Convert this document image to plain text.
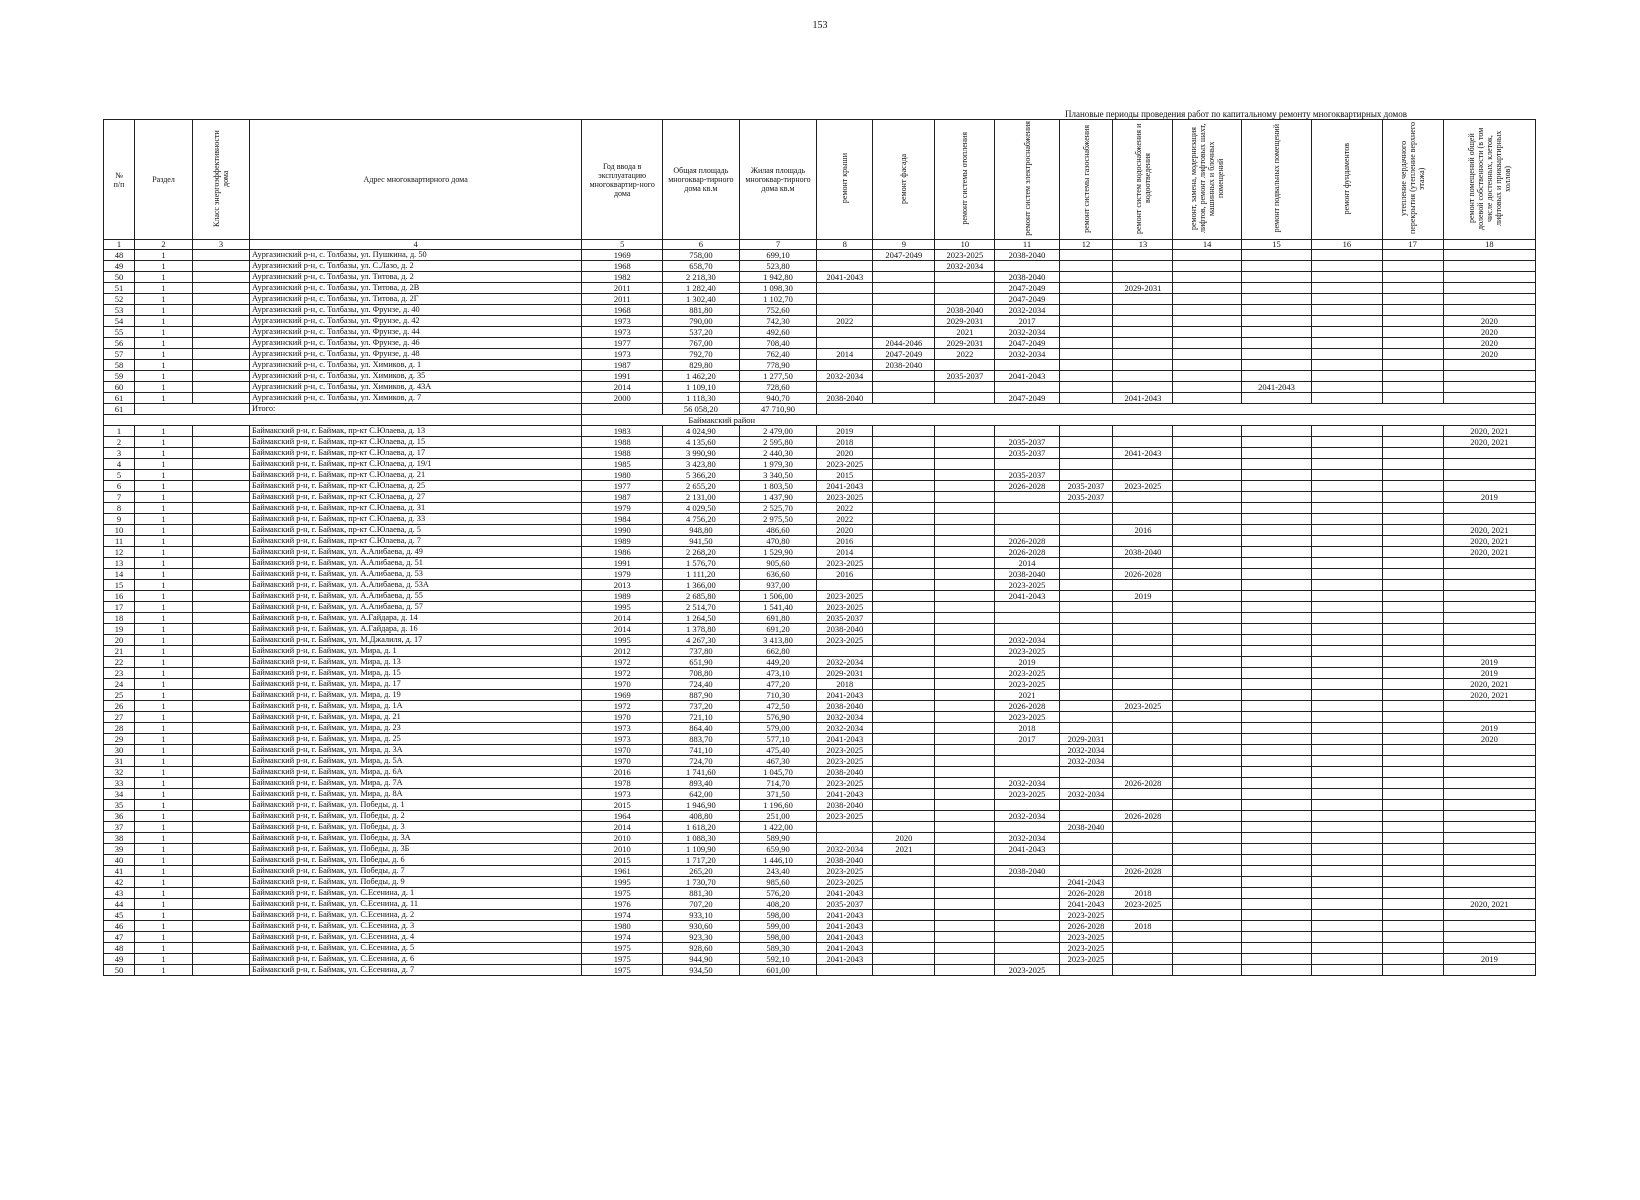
153
Плановые периоды проведения работ по капитальному ремонту многоквартирных домов
№
п/п	Раздел	Класс энергоэффективности дома	Адрес многоквартирного дома	Год ввода в эксплуатацию многоквартир-ного дома	Общая площадь многоквар-тирного дома кв.м	Жилая площадь многоквар-тирного дома кв.м	ремонт крыши	ремонт фасада	ремонт системы отопления	ремонт систем электроснабжения	ремонт системы газоснабжения	ремонт систем водоснабжения и водоотведения	ремонт, замена, модернизация лифтов, ремонт лифтовых шахт, машинных и блочных помещений	ремонт подвальных помещений	ремонт фундаментов	утепление чердачного перекрытия (утепление верхнего этажа)	ремонт помещений общей долевой собственности (в том числе достенных, клеток, лифтовых и приквартирных холлов)
1	2	3	4	5	6	7	8	9	10	11	12	13	14	15	16	17	18
48	1		Аургазинский р-н, с. Толбазы, ул. Пушкина, д. 50	1969	758,00	699,10		2047-2049	2023-2025	2038-2040							
49	1		Аургазинский р-н, с. Толбазы, ул. С.Лазо, д. 2	1968	658,70	523,80			2032-2034								
50	1		Аургазинский р-н, с. Толбазы, ул. Титова, д. 2	1982	2 218,30	1 942,80	2041-2043			2038-2040							
51	1		Аургазинский р-н, с. Толбазы, ул. Титова, д. 2В	2011	1 282,40	1 098,30				2047-2049		2029-2031					
52	1		Аургазинский р-н, с. Толбазы, ул. Титова, д. 2Г	2011	1 302,40	1 102,70				2047-2049							
53	1		Аургазинский р-н, с. Толбазы, ул. Фрунзе, д. 40	1968	881,80	752,60			2038-2040	2032-2034							
54	1		Аургазинский р-н, с. Толбазы, ул. Фрунзе, д. 42	1973	790,00	742,30	2022		2029-2031	2017							2020
55	1		Аургазинский р-н, с. Толбазы, ул. Фрунзе, д. 44	1973	537,20	492,60			2021	2032-2034							2020
56	1		Аургазинский р-н, с. Толбазы, ул. Фрунзе, д. 46	1977	767,00	708,40		2044-2046	2029-2031	2047-2049							2020
57	1		Аургазинский р-н, с. Толбазы, ул. Фрунзе, д. 48	1973	792,70	762,40	2014	2047-2049	2022	2032-2034							2020
58	1		Аургазинский р-н, с. Толбазы, ул. Химиков, д. 1	1987	829,80	778,90		2038-2040									
59	1		Аургазинский р-н, с. Толбазы, ул. Химиков, д. 35	1991	1 462,20	1 277,50	2032-2034		2035-2037	2041-2043							
60	1		Аургазинский р-н, с. Толбазы, ул. Химиков, д. 43А	2014	1 109,10	728,60								2041-2043			
61	1		Аургазинский р-н, с. Толбазы, ул. Химиков, д. 7	2000	1 118,30	940,70	2038-2040			2047-2049		2041-2043					
61			Итого:		56 058,20	47 710,90											
				Баймакский район													
1	1		Баймакский р-н, г. Баймак, пр-кт С.Юлаева, д. 13	1983	4 024,90	2 479,00	2019										2020, 2021
2	1		Баймакский р-н, г. Баймак, пр-кт С.Юлаева, д. 15	1988	4 135,60	2 595,80	2018			2035-2037							2020, 2021
3	1		Баймакский р-н, г. Баймак, пр-кт С.Юлаева, д. 17	1988	3 990,90	2 440,30	2020			2035-2037		2041-2043					
4	1		Баймакский р-н, г. Баймак, пр-кт С.Юлаева, д. 19/1	1985	3 423,80	1 979,30	2023-2025										
5	1		Баймакский р-н, г. Баймак, пр-кт С.Юлаева, д. 21	1980	5 366,20	3 340,50	2015			2035-2037							
6	1		Баймакский р-н, г. Баймак, пр-кт С.Юлаева, д. 25	1977	2 655,20	1 803,50	2041-2043			2026-2028	2035-2037	2023-2025					
7	1		Баймакский р-н, г. Баймак, пр-кт С.Юлаева, д. 27	1987	2 131,00	1 437,90	2023-2025				2035-2037						2019
8	1		Баймакский р-н, г. Баймак, пр-кт С.Юлаева, д. 31	1979	4 029,50	2 525,70	2022										
9	1		Баймакский р-н, г. Баймак, пр-кт С.Юлаева, д. 33	1984	4 756,20	2 975,50	2022										
10	1		Баймакский р-н, г. Баймак, пр-кт С.Юлаева, д. 5	1990	948,80	486,60	2020					2016					2020, 2021
11	1		Баймакский р-н, г. Баймак, пр-кт С.Юлаева, д. 7	1989	941,50	470,80	2016			2026-2028							2020, 2021
12	1		Баймакский р-н, г. Баймак, ул. А.Алибаева, д. 49	1986	2 268,20	1 529,90	2014			2026-2028		2038-2040					2020, 2021
13	1		Баймакский р-н, г. Баймак, ул. А.Алибаева, д. 51	1991	1 576,70	905,60	2023-2025			2014							
14	1		Баймакский р-н, г. Баймак, ул. А.Алибаева, д. 53	1979	1 111,20	636,60	2016			2038-2040		2026-2028					
15	1		Баймакский р-н, г. Баймак, ул. А.Алибаева, д. 53А	2013	1 366,00	937,00				2023-2025							
16	1		Баймакский р-н, г. Баймак, ул. А.Алибаева, д. 55	1989	2 685,80	1 506,00	2023-2025			2041-2043		2019					
17	1		Баймакский р-н, г. Баймак, ул. А.Алибаева, д. 57	1995	2 514,70	1 541,40	2023-2025										
18	1		Баймакский р-н, г. Баймак, ул. А.Гайдара, д. 14	2014	1 264,50	691,80	2035-2037										
19	1		Баймакский р-н, г. Баймак, ул. А.Гайдара, д. 16	2014	1 378,80	691,20	2038-2040										
20	1		Баймакский р-н, г. Баймак, ул. М.Джалиля, д. 17	1995	4 267,30	3 413,80	2023-2025			2032-2034							
21	1		Баймакский р-н, г. Баймак, ул. Мира, д. 1	2012	737,80	662,80				2023-2025							
22	1		Баймакский р-н, г. Баймак, ул. Мира, д. 13	1972	651,90	449,20	2032-2034			2019							2019
23	1		Баймакский р-н, г. Баймак, ул. Мира, д. 15	1972	708,80	473,10	2029-2031			2023-2025							2019
24	1		Баймакский р-н, г. Баймак, ул. Мира, д. 17	1970	724,40	477,20	2018			2023-2025							2020, 2021
25	1		Баймакский р-н, г. Баймак, ул. Мира, д. 19	1969	887,90	710,30	2041-2043			2021							2020, 2021
26	1		Баймакский р-н, г. Баймак, ул. Мира, д. 1А	1972	737,20	472,50	2038-2040			2026-2028		2023-2025					
27	1		Баймакский р-н, г. Баймак, ул. Мира, д. 21	1970	721,10	576,90	2032-2034			2023-2025							
28	1		Баймакский р-н, г. Баймак, ул. Мира, д. 23	1973	864,40	579,00	2032-2034			2018							2019
29	1		Баймакский р-н, г. Баймак, ул. Мира, д. 25	1973	883,70	577,10	2041-2043			2017	2029-2031						2020
30	1		Баймакский р-н, г. Баймак, ул. Мира, д. 3А	1970	741,10	475,40	2023-2025				2032-2034						
31	1		Баймакский р-н, г. Баймак, ул. Мира, д. 5А	1970	724,70	467,30	2023-2025				2032-2034						
32	1		Баймакский р-н, г. Баймак, ул. Мира, д. 6А	2016	1 741,60	1 045,70	2038-2040										
33	1		Баймакский р-н, г. Баймак, ул. Мира, д. 7А	1978	893,40	714,70	2023-2025			2032-2034		2026-2028					
34	1		Баймакский р-н, г. Баймак, ул. Мира, д. 8А	1973	642,00	371,50	2041-2043			2023-2025	2032-2034						
35	1		Баймакский р-н, г. Баймак, ул. Победы, д. 1	2015	1 946,90	1 196,60	2038-2040										
36	1		Баймакский р-н, г. Баймак, ул. Победы, д. 2	1964	408,80	251,00	2023-2025			2032-2034		2026-2028					
37	1		Баймакский р-н, г. Баймак, ул. Победы, д. 3	2014	1 618,20	1 422,00					2038-2040						
38	1		Баймакский р-н, г. Баймак, ул. Победы, д. 3А	2010	1 088,30	589,90		2020		2032-2034							
39	1		Баймакский р-н, г. Баймак, ул. Победы, д. 3Б	2010	1 109,90	659,90	2032-2034	2021		2041-2043							
40	1		Баймакский р-н, г. Баймак, ул. Победы, д. 6	2015	1 717,20	1 446,10	2038-2040										
41	1		Баймакский р-н, г. Баймак, ул. Победы, д. 7	1961	265,20	243,40	2023-2025			2038-2040		2026-2028					
42	1		Баймакский р-н, г. Баймак, ул. Победы, д. 9	1995	1 730,70	985,60	2023-2025				2041-2043						
43	1		Баймакский р-н, г. Баймак, ул. С.Есенина, д. 1	1975	881,30	576,20	2041-2043				2026-2028	2018					
44	1		Баймакский р-н, г. Баймак, ул. С.Есенина, д. 11	1976	707,20	408,20	2035-2037				2041-2043	2023-2025					2020, 2021
45	1		Баймакский р-н, г. Баймак, ул. С.Есенина, д. 2	1974	933,10	598,00	2041-2043				2023-2025						
46	1		Баймакский р-н, г. Баймак, ул. С.Есенина, д. 3	1980	930,60	599,00	2041-2043				2026-2028	2018					
47	1		Баймакский р-н, г. Баймак, ул. С.Есенина, д. 4	1974	923,30	598,00	2041-2043				2023-2025						
48	1		Баймакский р-н, г. Баймак, ул. С.Есенина, д. 5	1975	928,60	589,30	2041-2043				2023-2025						
49	1		Баймакский р-н, г. Баймак, ул. С.Есенина, д. 6	1975	944,90	592,10	2041-2043				2023-2025						2019
50	1		Баймакский р-н, г. Баймак, ул. С.Есенина, д. 7	1975	934,50	601,00				2023-2025							
